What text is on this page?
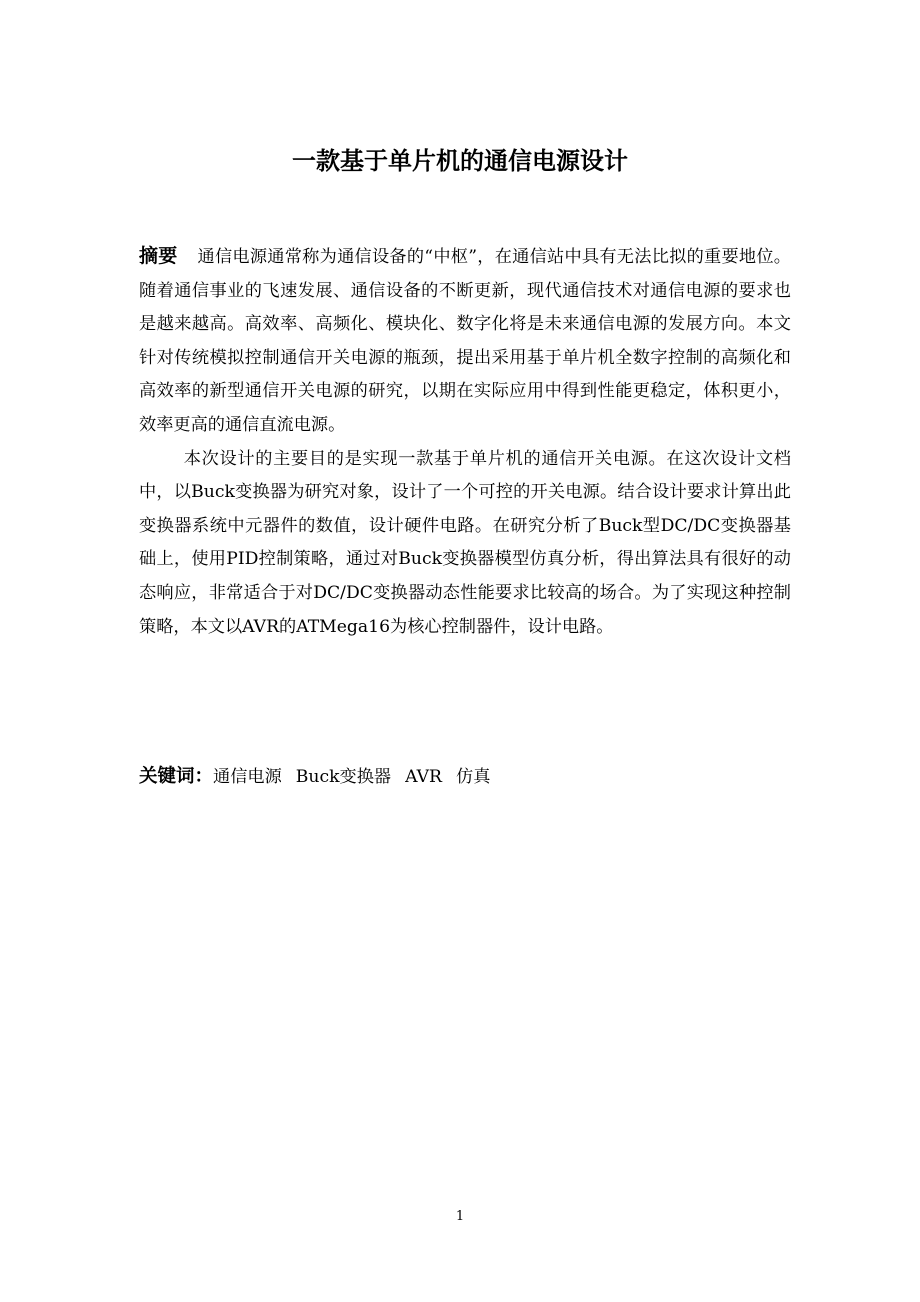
一款基于单片机的通信电源设计

摘要 通信电源通常称为通信设备的“中枢”，在通信站中具有无法比拟的重要地位。随着通信事业的飞速发展、通信设备的不断更新，现代通信技术对通信电源的要求也是越来越高。高效率、高频化、模块化、数字化将是未来通信电源的发展方向。本文针对传统模拟控制通信开关电源的瓶颈，提出采用基于单片机全数字控制的高频化和高效率的新型通信开关电源的研究，以期在实际应用中得到性能更稳定，体积更小，效率更高的通信直流电源。

本次设计的主要目的是实现一款基于单片机的通信开关电源。在这次设计文档中，以Buck变换器为研究对象，设计了一个可控的开关电源。结合设计要求计算出此变换器系统中元器件的数值，设计硬件电路。在研究分析了Buck型DC/DC变换器基础上，使用PID控制策略，通过对Buck变换器模型仿真分析，得出算法具有很好的动态响应，非常适合于对DC/DC变换器动态性能要求比较高的场合。为了实现这种控制策略，本文以AVR的ATMega16为核心控制器件，设计电路。

关键词：通信电源 Buck变换器 AVR 仿真
1
